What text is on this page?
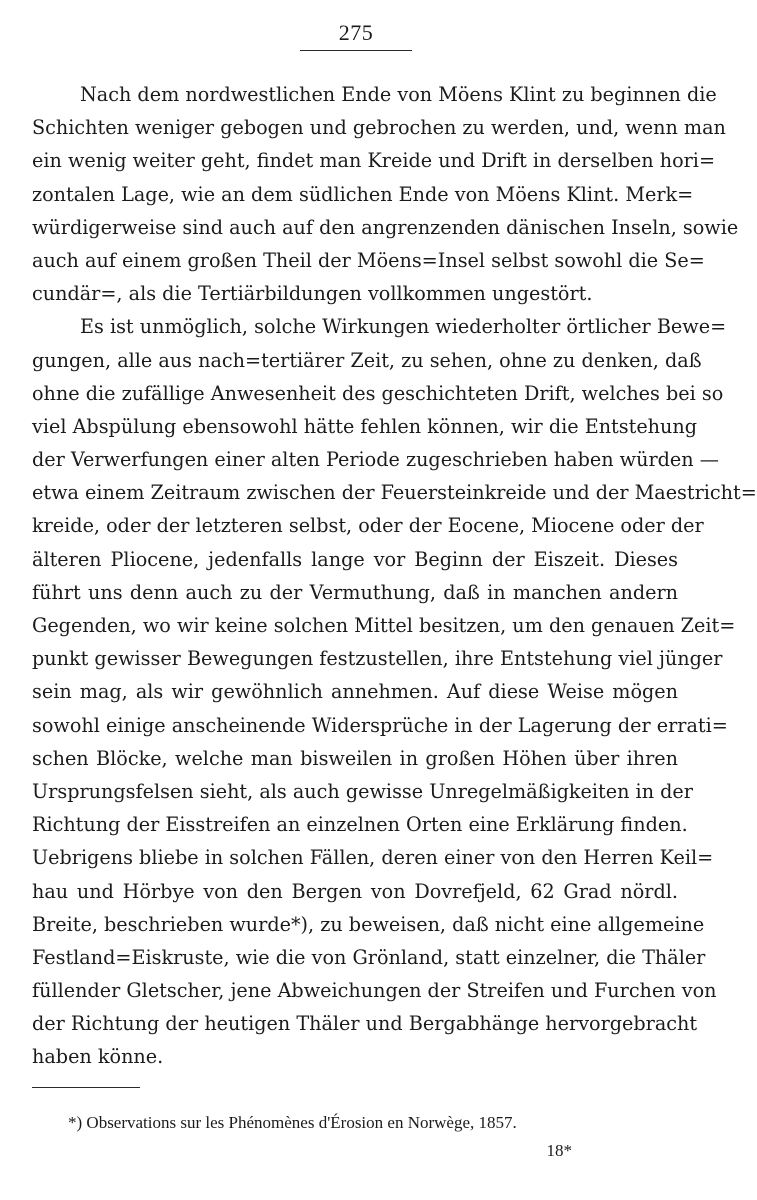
275
Nach dem nordwestlichen Ende von Möens Klint zu beginnen die
Schichten weniger gebogen und gebrochen zu werden, und, wenn man
ein wenig weiter geht, findet man Kreide und Drift in derselben hori=
zontalen Lage, wie an dem südlichen Ende von Möens Klint. Merk=
würdigerweise sind auch auf den angrenzenden dänischen Inseln, sowie
auch auf einem großen Theil der Möens=Insel selbst sowohl die Se=
cundär=, als die Tertiärbildungen vollkommen ungestört.
Es ist unmöglich, solche Wirkungen wiederholter örtlicher Bewe=
gungen, alle aus nach=tertiärer Zeit, zu sehen, ohne zu denken, daß
ohne die zufällige Anwesenheit des geschichteten Drift, welches bei so
viel Abspülung ebensowohl hätte fehlen können, wir die Entstehung
der Verwerfungen einer alten Periode zugeschrieben haben würden —
etwa einem Zeitraum zwischen der Feuersteinkreide und der Maestricht=
kreide, oder der letzteren selbst, oder der Eocene, Miocene oder der
älteren Pliocene, jedenfalls lange vor Beginn der Eiszeit. Dieses
führt uns denn auch zu der Vermuthung, daß in manchen andern
Gegenden, wo wir keine solchen Mittel besitzen, um den genauen Zeit=
punkt gewisser Bewegungen festzustellen, ihre Entstehung viel jünger
sein mag, als wir gewöhnlich annehmen. Auf diese Weise mögen
sowohl einige anscheinende Widersprüche in der Lagerung der errati=
schen Blöcke, welche man bisweilen in großen Höhen über ihren
Ursprungsfelsen sieht, als auch gewisse Unregelmäßigkeiten in der
Richtung der Eisstreifen an einzelnen Orten eine Erklärung finden.
Uebrigens bliebe in solchen Fällen, deren einer von den Herren Keil=
hau und Hörbye von den Bergen von Dovrefjeld, 62 Grad nördl.
Breite, beschrieben wurde*), zu beweisen, daß nicht eine allgemeine
Festland=Eiskruste, wie die von Grönland, statt einzelner, die Thäler
füllender Gletscher, jene Abweichungen der Streifen und Furchen von
der Richtung der heutigen Thäler und Bergabhänge hervorgebracht
haben könne.
*) Observations sur les Phénomènes d'Érosion en Norwège, 1857.
18*
